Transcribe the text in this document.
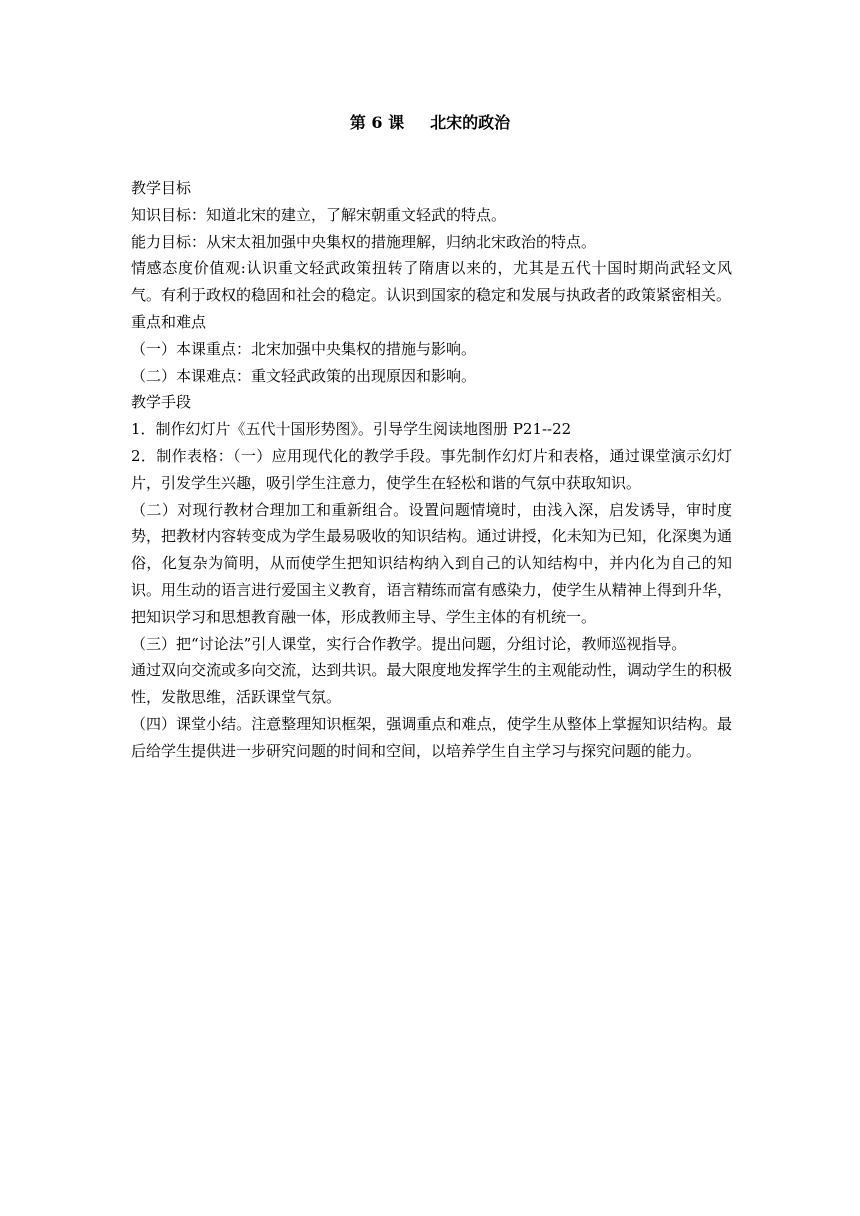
第 6 课 北宋的政治

教学目标

知识目标：知道北宋的建立，了解宋朝重文轻武的特点。

能力目标：从宋太祖加强中央集权的措施理解，归纳北宋政治的特点。

情感态度价值观:认识重文轻武政策扭转了隋唐以来的，尤其是五代十国时期尚武轻文风气。有利于政权的稳固和社会的稳定。认识到国家的稳定和发展与执政者的政策紧密相关。

重点和难点

（一）本课重点：北宋加强中央集权的措施与影响。

（二）本课难点：重文轻武政策的出现原因和影响。

教学手段

1．制作幻灯片《五代十国形势图》。引导学生阅读地图册 P21--22

2．制作表格：（一）应用现代化的教学手段。事先制作幻灯片和表格，通过课堂演示幻灯片，引发学生兴趣，吸引学生注意力，使学生在轻松和谐的气氛中获取知识。

（二）对现行教材合理加工和重新组合。设置问题情境时，由浅入深，启发诱导，审时度势，把教材内容转变成为学生最易吸收的知识结构。通过讲授，化未知为已知，化深奥为通俗，化复杂为简明，从而使学生把知识结构纳入到自己的认知结构中，并内化为自己的知识。用生动的语言进行爱国主义教育，语言精练而富有感染力，使学生从精神上得到升华，把知识学习和思想教育融一体，形成教师主导、学生主体的有机统一。

（三）把“讨论法”引人课堂，实行合作教学。提出问题，分组讨论，教师巡视指导。

通过双向交流或多向交流，达到共识。最大限度地发挥学生的主观能动性，调动学生的积极性，发散思维，活跃课堂气氛。

（四）课堂小结。注意整理知识框架，强调重点和难点，使学生从整体上掌握知识结构。最后给学生提供进一步研究问题的时间和空间，以培养学生自主学习与探究问题的能力。
